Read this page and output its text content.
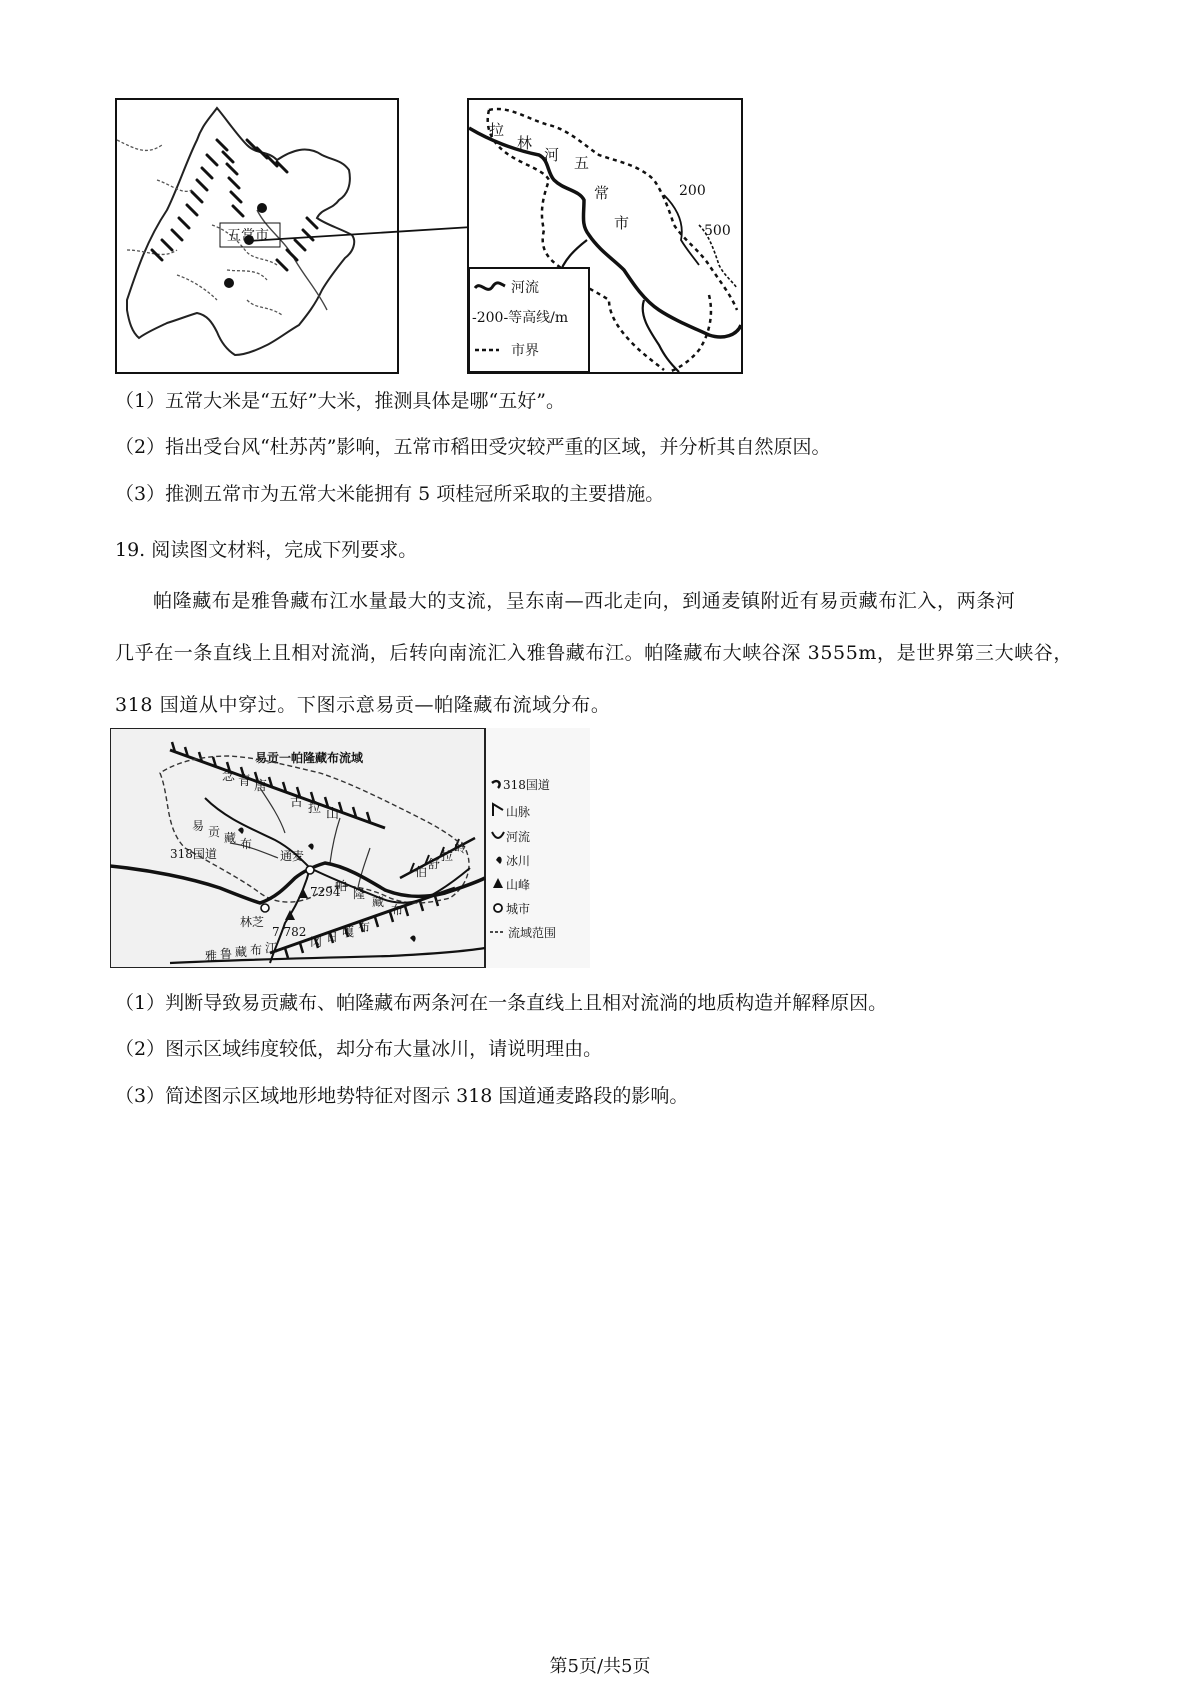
五常市
拉
林
河 五
常
市
200
500
河流
-200-等高线/m
市界
（1）五常大米是“五好”大米，推测具体是哪“五好”。
（2）指出受台风“杜苏芮”影响，五常市稻田受灾较严重的区域，并分析其自然原因。
（3）推测五常市为五常大米能拥有 5 项桂冠所采取的主要措施。
19. 阅读图文材料，完成下列要求。
帕隆藏布是雅鲁藏布江水量最大的支流，呈东南—西北走向，到通麦镇附近有易贡藏布汇入，两条河
几乎在一条直线上且相对流淌，后转向南流汇入雅鲁藏布江。帕隆藏布大峡谷深 3555m，是世界第三大峡谷，
318 国道从中穿过。下图示意易贡—帕隆藏布流域分布。
易贡一帕隆藏布流域
念 青 唐
古 拉 山
318国道
林芝
通麦
7294
7 782
易 贡 藏 布
帕
隆
藏
布
伯
舒
拉
岭
雅 鲁 藏 布 江	冈 日 嘎 布
318国道
山脉
河流
冰川
山峰
城市
流域范围
（1）判断导致易贡藏布、帕隆藏布两条河在一条直线上且相对流淌的地质构造并解释原因。
（2）图示区域纬度较低，却分布大量冰川，请说明理由。
（3）简述图示区域地形地势特征对图示 318 国道通麦路段的影响。
第5页/共5页
